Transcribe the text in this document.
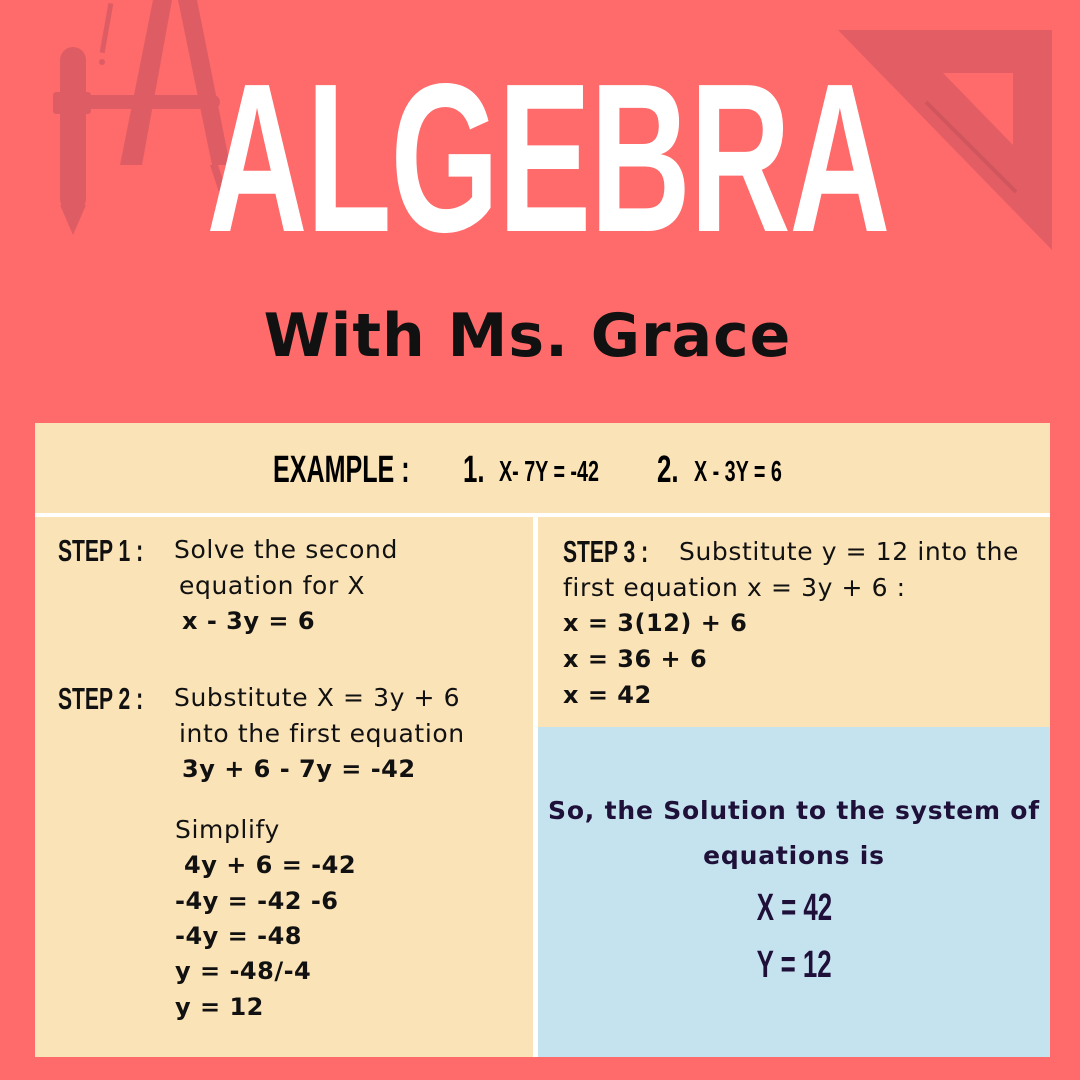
ALGEBRA
With Ms. Grace
EXAMPLE : 1. X- 7Y = -42 2. X - 3Y = 6
STEP 1 : Solve the second
equation for X
x - 3y = 6
STEP 2 : Substitute X = 3y + 6
into the first equation
3y + 6 - 7y = -42
Simplify
4y + 6 = -42
-4y = -42 -6
-4y = -48
y = -48/-4
y = 12
STEP 3 : Substitute y = 12 into the
first equation x = 3y + 6 :
x = 3(12) + 6
x = 36 + 6
x = 42
So, the Solution to the system of
equations is
X = 42
Y = 12
